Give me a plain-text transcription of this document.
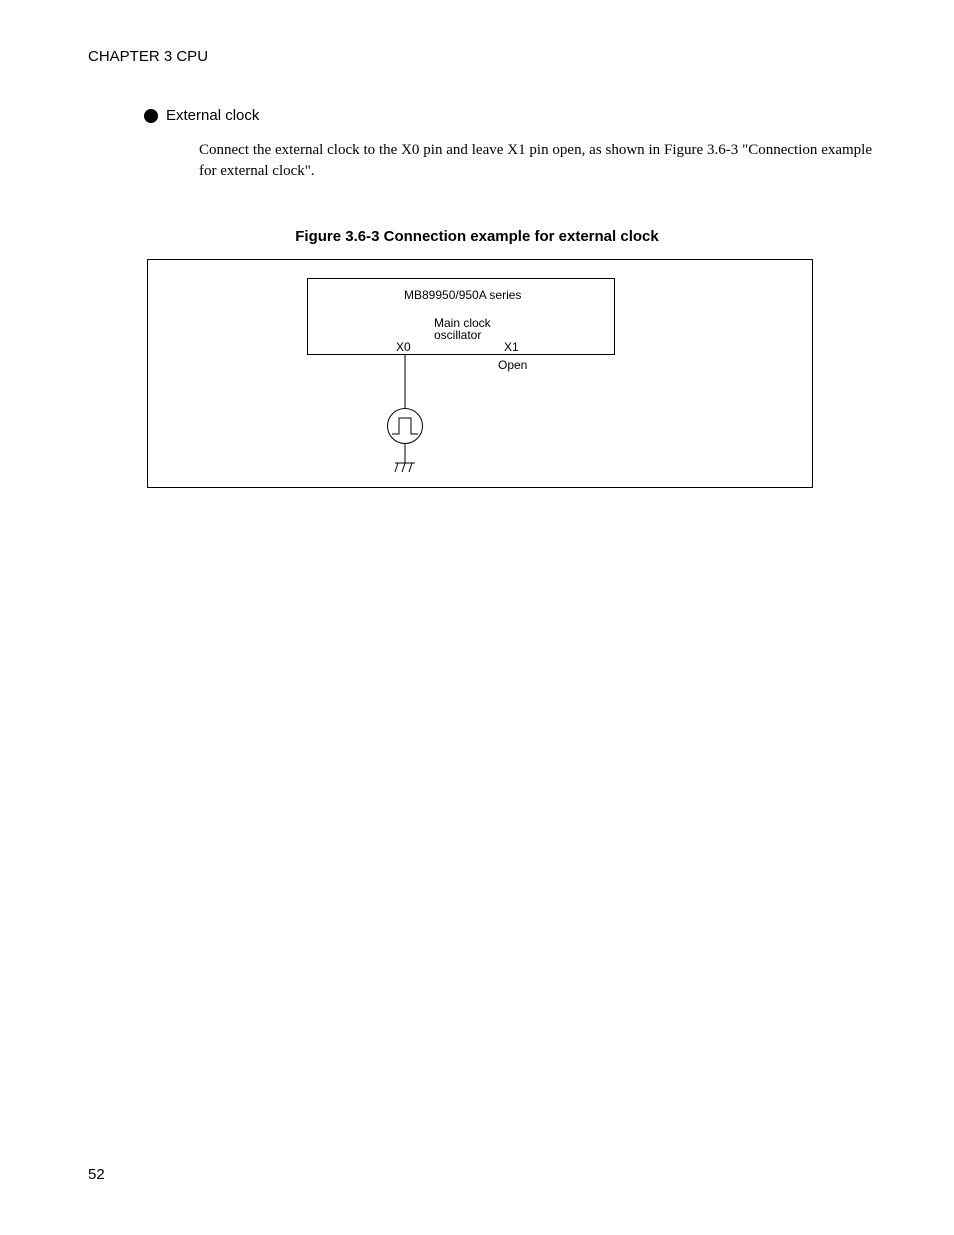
CHAPTER 3 CPU
External clock
Connect the external clock to the X0 pin and leave X1 pin open, as shown in Figure 3.6-3 "Connection example for external clock".
Figure 3.6-3 Connection example for external clock
MB89950/950A series
Main clock
oscillator
X0	X1
Open
52
